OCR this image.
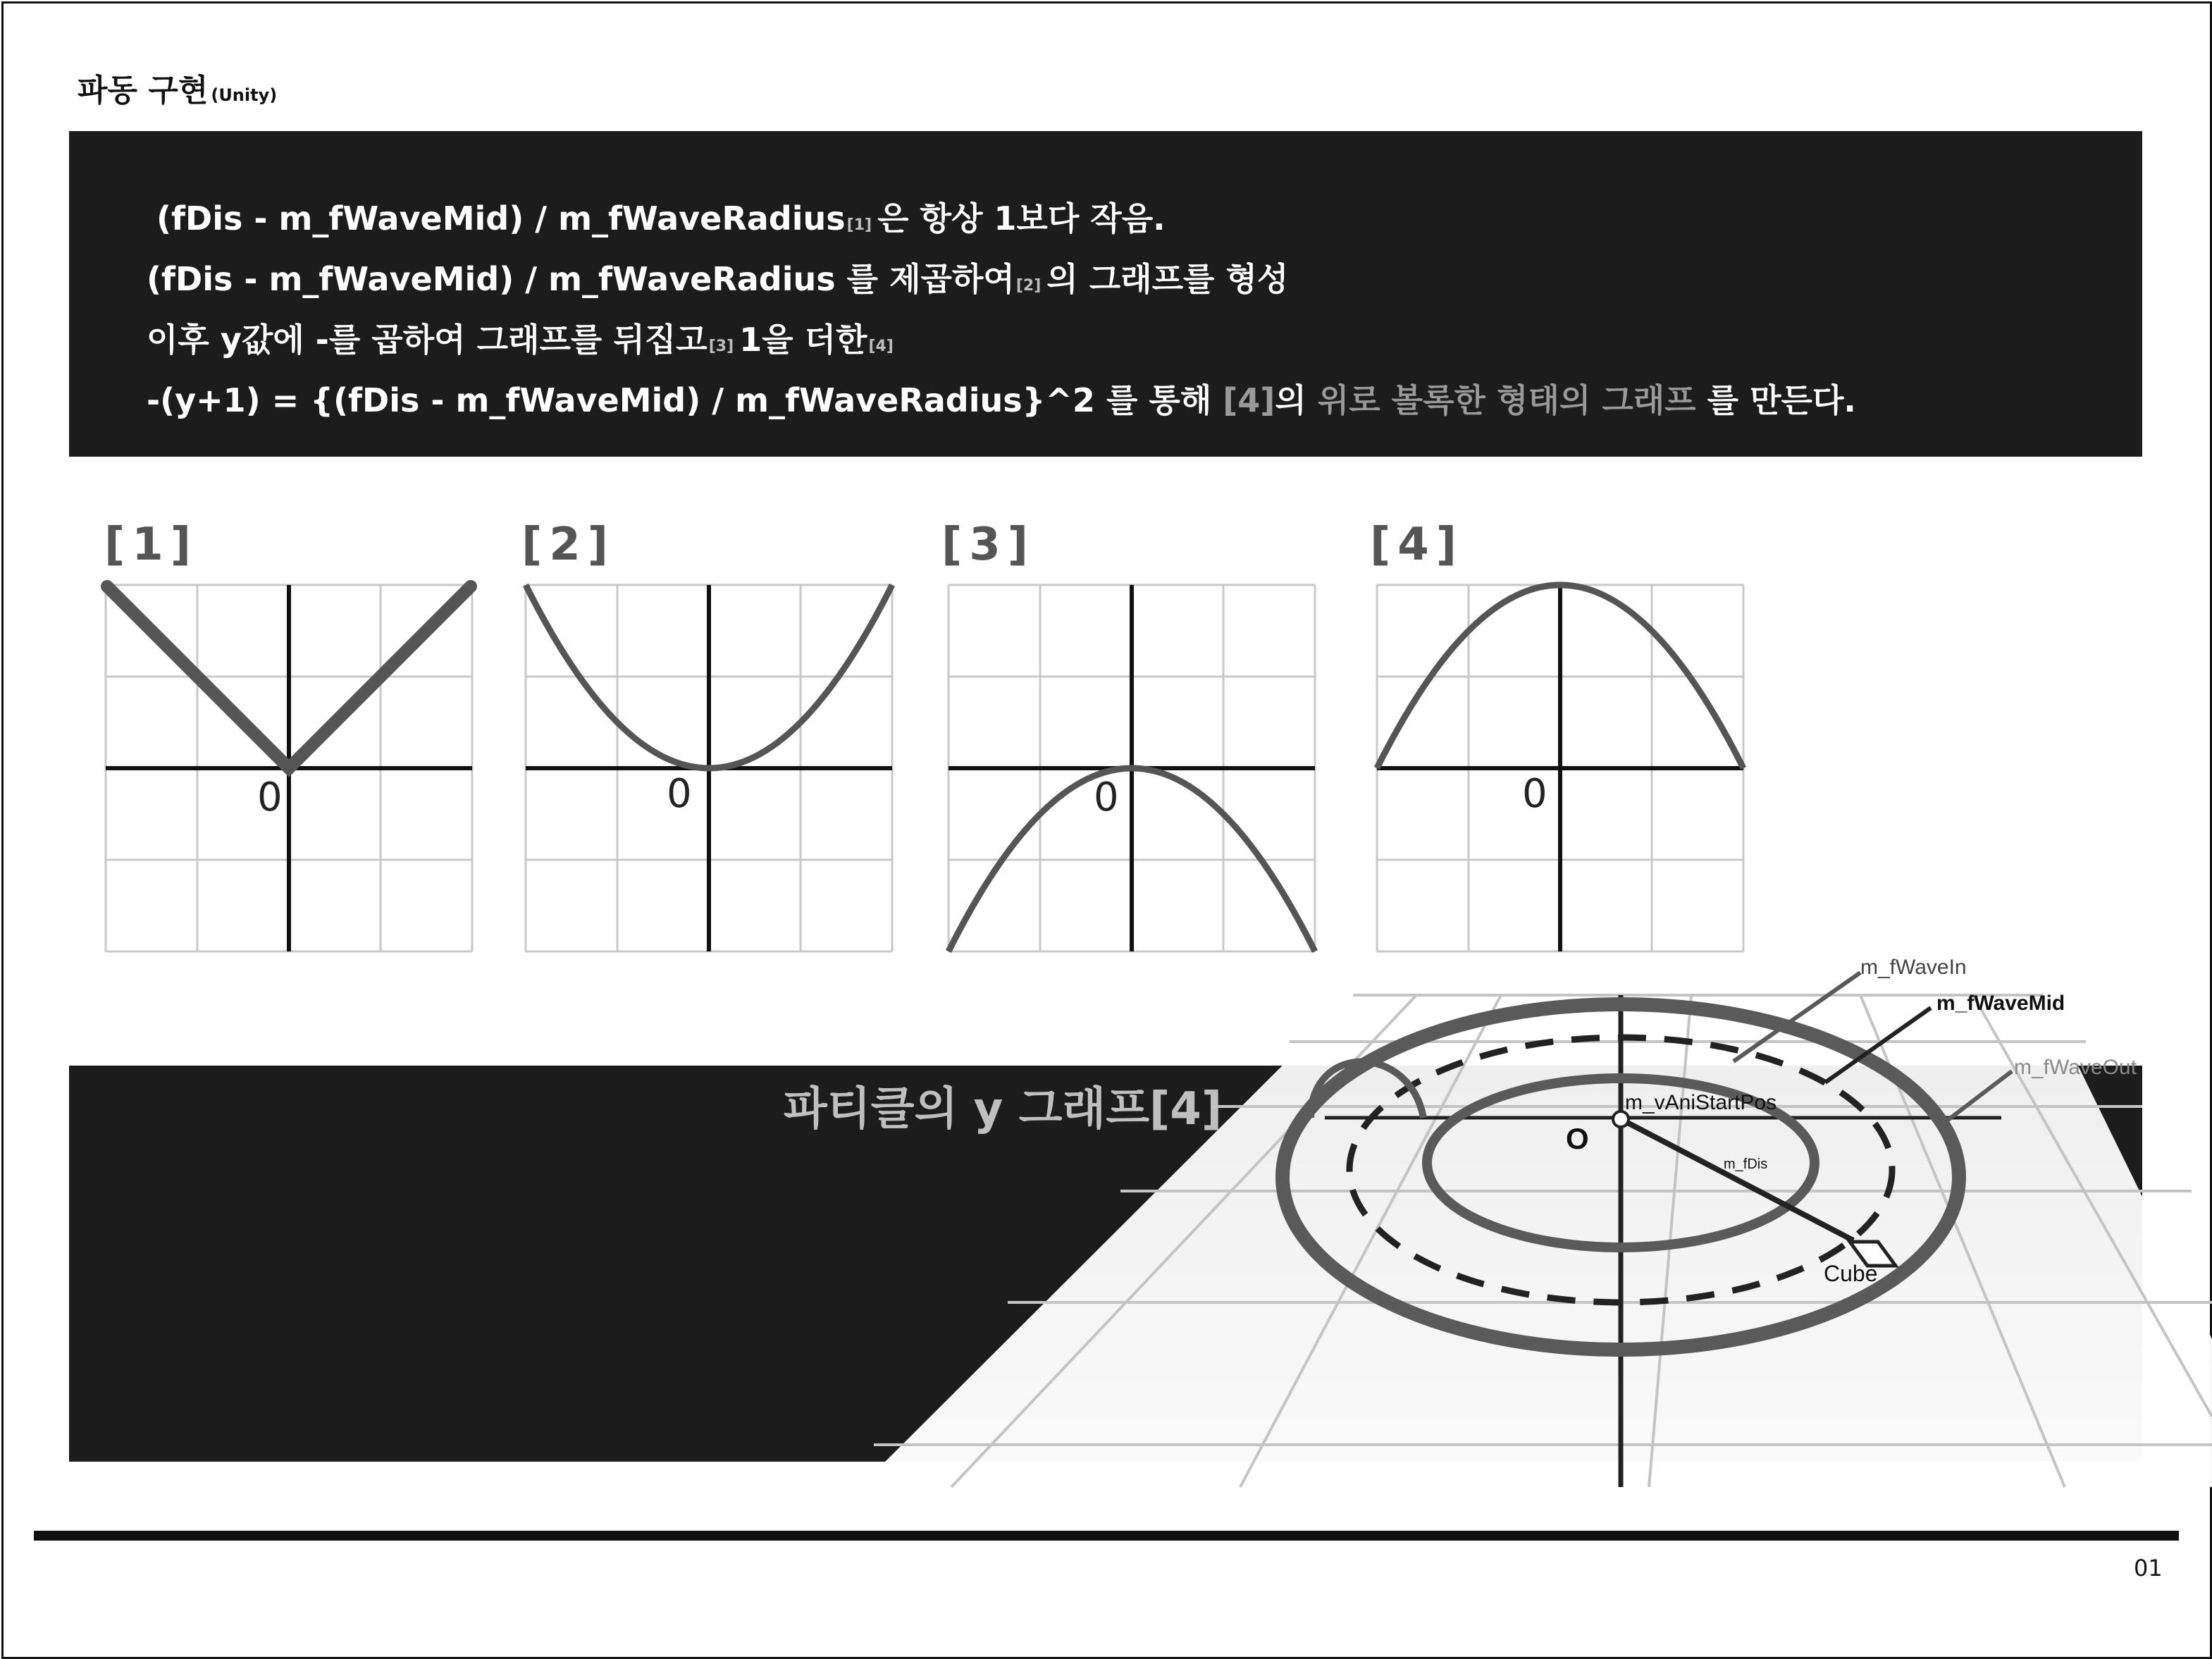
파동 구현 (Unity)
(fDis - m_fWaveMid) / m_fWaveRadius[1] 은 항상 1보다 작음.
(fDis - m_fWaveMid) / m_fWaveRadius 를 제곱하여[2] 의 그래프를 형성
이후 y값에 -를 곱하여 그래프를 뒤집고[3] 1을 더한[4]
-(y+1) = {(fDis - m_fWaveMid) / m_fWaveRadius}^2 를 통해 [4]의 위로 볼록한 형태의 그래프 를 만든다.
[1]	[2]	[3]	[4]
0	0	0	0
파티클의 y 그래프[4]
m_fWaveIn
m_fWaveMid
m_fWaveOut
m_vAniStartPos
O
m_fDis
Cube
01
